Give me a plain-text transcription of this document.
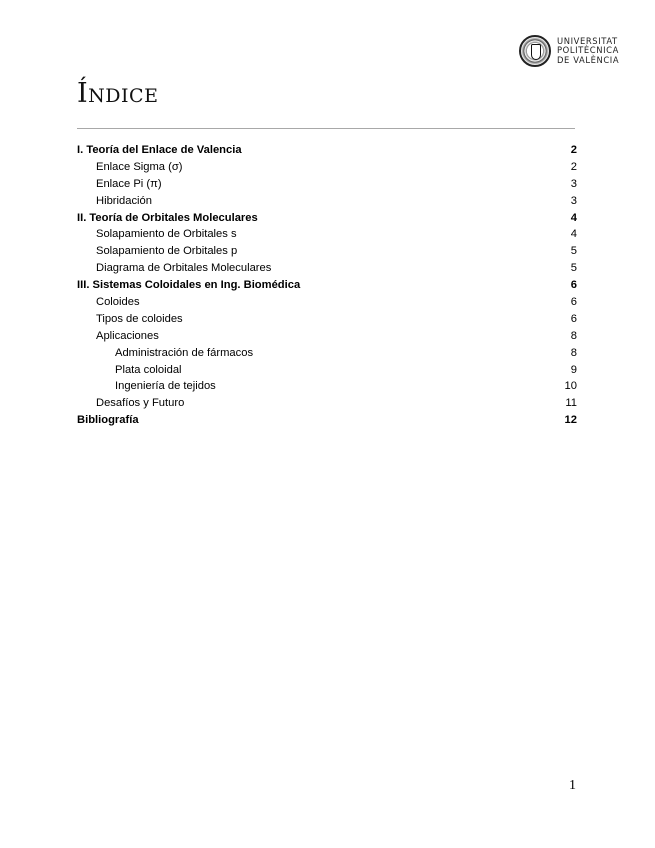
UNIVERSITAT
POLITÈCNICA
DE VALÈNCIA
Índice
I. Teoría del Enlace de Valencia	2
Enlace Sigma (σ)	2
Enlace Pi (π)	3
Hibridación	3
II. Teoría de Orbitales Moleculares	4
Solapamiento de Orbitales s	4
Solapamiento de Orbitales p	5
Diagrama de Orbitales Moleculares	5
III. Sistemas Coloidales en Ing. Biomédica	6
Coloides	6
Tipos de coloides	6
Aplicaciones	8
Administración de fármacos	8
Plata coloidal	9
Ingeniería de tejidos	10
Desafíos y Futuro	11
Bibliografía	12
1
